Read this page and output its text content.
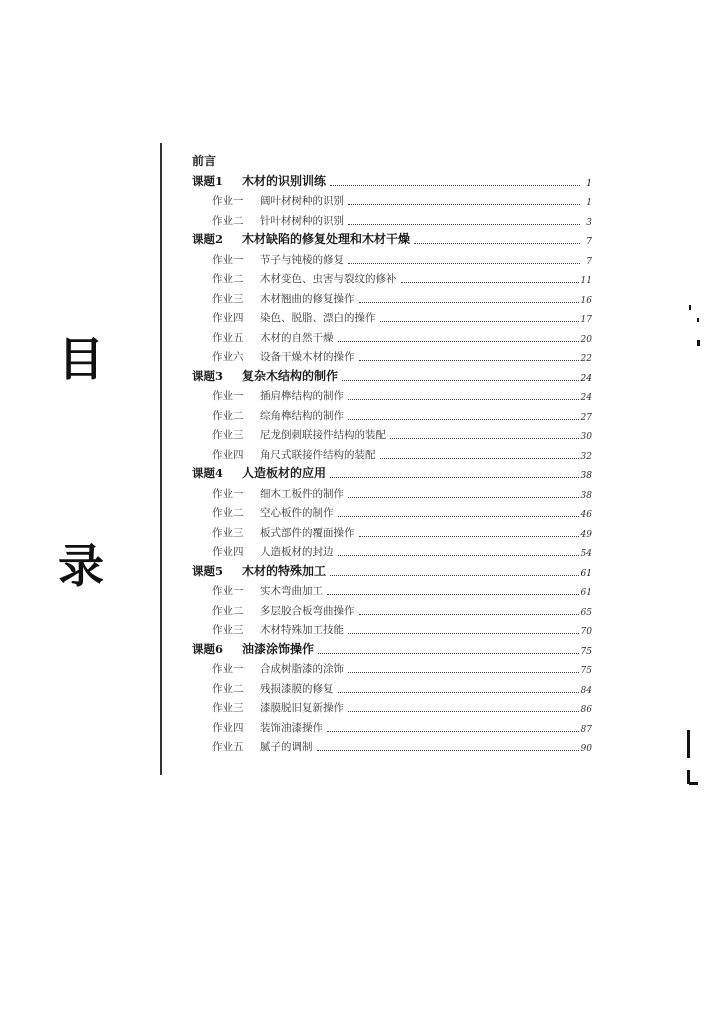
目
录
前言
课题1	木材的识别训练	1
作业一	阔叶材树种的识别	1
作业二	针叶材树种的识别	3
课题2	木材缺陷的修复处理和木材干燥	7
作业一	节子与钝棱的修复	7
作业二	木材变色、虫害与裂纹的修补	11
作业三	木材翘曲的修复操作	16
作业四	染色、脱脂、漂白的操作	17
作业五	木材的自然干燥	20
作业六	设备干燥木材的操作	22
课题3	复杂木结构的制作	24
作业一	插肩榫结构的制作	24
作业二	综角榫结构的制作	27
作业三	尼龙倒刺联接件结构的装配	30
作业四	角尺式联接件结构的装配	32
课题4	人造板材的应用	38
作业一	细木工板件的制作	38
作业二	空心板件的制作	46
作业三	板式部件的覆面操作	49
作业四	人造板材的封边	54
课题5	木材的特殊加工	61
作业一	实木弯曲加工	61
作业二	多层胶合板弯曲操作	65
作业三	木材特殊加工技能	70
课题6	油漆涂饰操作	75
作业一	合成树脂漆的涂饰	75
作业二	残损漆膜的修复	84
作业三	漆膜脱旧复新操作	86
作业四	装饰油漆操作	87
作业五	腻子的调制	90
